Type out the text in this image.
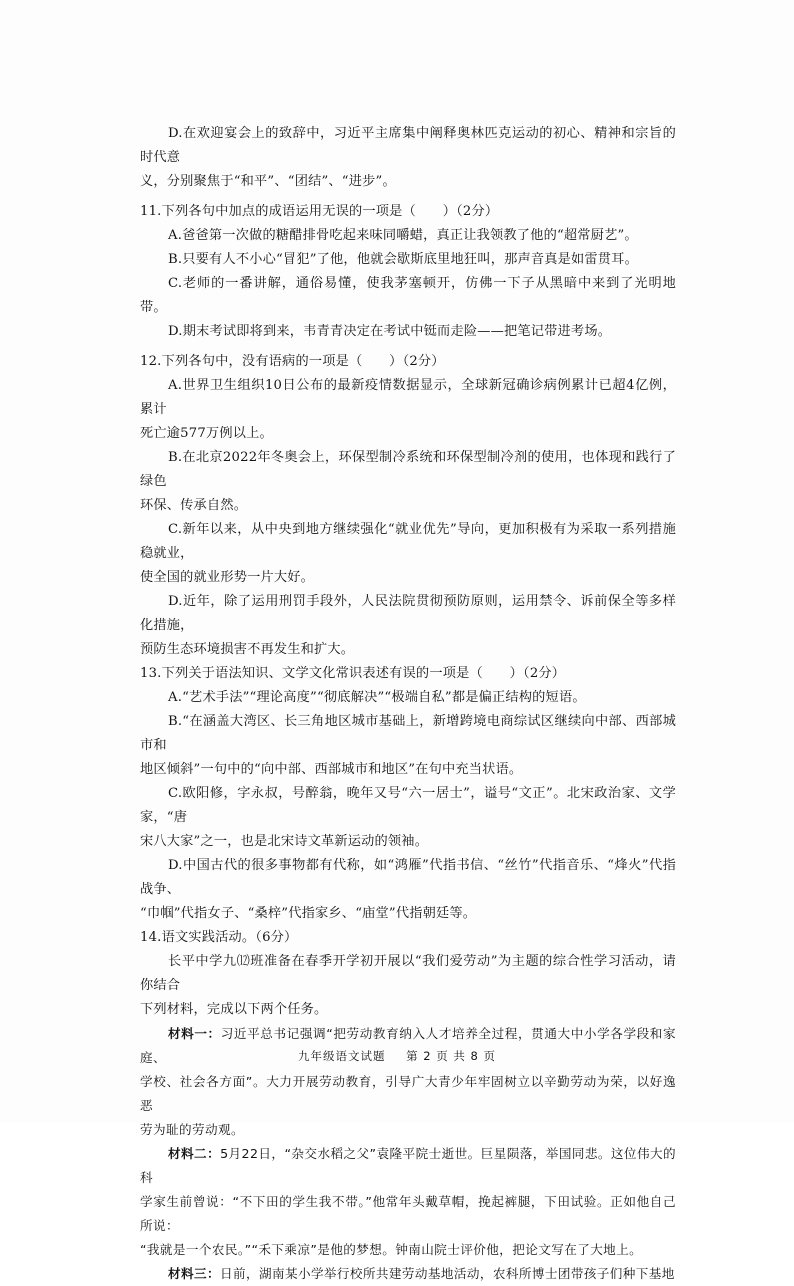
D.在欢迎宴会上的致辞中，习近平主席集中阐释奥林匹克运动的初心、精神和宗旨的时代意

义，分别聚焦于“和平”、“团结”、“进步”。

11.下列各句中加点的成语运用无误的一项是（　　）（2分）

A.爸爸第一次做的糖醋排骨吃起来味同嚼蜡，真正让我领教了他的“超常厨艺”。

B.只要有人不小心“冒犯”了他，他就会歇斯底里地狂叫，那声音真是如雷贯耳。

C.老师的一番讲解，通俗易懂，使我茅塞顿开，仿佛一下子从黑暗中来到了光明地带。

D.期末考试即将到来，韦青青决定在考试中铤而走险——把笔记带进考场。

12.下列各句中，没有语病的一项是（　　）（2分）

A.世界卫生组织10日公布的最新疫情数据显示，全球新冠确诊病例累计已超4亿例，累计

死亡逾577万例以上。

B.在北京2022年冬奥会上，环保型制冷系统和环保型制冷剂的使用，也体现和践行了绿色

环保、传承自然。

C.新年以来，从中央到地方继续强化“就业优先”导向，更加积极有为采取一系列措施稳就业，

使全国的就业形势一片大好。

D.近年，除了运用刑罚手段外，人民法院贯彻预防原则，运用禁令、诉前保全等多样化措施，

预防生态环境损害不再发生和扩大。

13.下列关于语法知识、文学文化常识表述有误的一项是（　　）（2分）

A.“艺术手法”“理论高度”“彻底解决”“极端自私”都是偏正结构的短语。

B.“在涵盖大湾区、长三角地区城市基础上，新增跨境电商综试区继续向中部、西部城市和

地区倾斜”一句中的“向中部、西部城市和地区”在句中充当状语。

C.欧阳修，字永叔，号醉翁，晚年又号“六一居士”，谥号“文正”。北宋政治家、文学家，“唐

宋八大家”之一，也是北宋诗文革新运动的领袖。

D.中国古代的很多事物都有代称，如“鸿雁”代指书信、“丝竹”代指音乐、“烽火”代指战争、

“巾帼”代指女子、“桑梓”代指家乡、“庙堂”代指朝廷等。

14.语文实践活动。（6分）

长平中学九⑿班准备在春季开学初开展以“我们爱劳动”为主题的综合性学习活动，请你结合

下列材料，完成以下两个任务。

材料一：习近平总书记强调“把劳动教育纳入人才培养全过程，贯通大中小学各学段和家庭、

学校、社会各方面”。大力开展劳动教育，引导广大青少年牢固树立以辛勤劳动为荣，以好逸恶

劳为耻的劳动观。

材料二：5月22日，“杂交水稻之父”袁隆平院士逝世。巨星陨落，举国同悲。这位伟大的科

学家生前曾说：“不下田的学生我不带。”他常年头戴草帽，挽起裤腿，下田试验。正如他自己所说：

“我就是一个农民。”“禾下乘凉”是他的梦想。钟南山院士评价他，把论文写在了大地上。

材料三：日前，湖南某小学举行校所共建劳动基地活动，农科所博士团带孩子们种下基地

九年级语文试题 第 2 页 共 8 页
